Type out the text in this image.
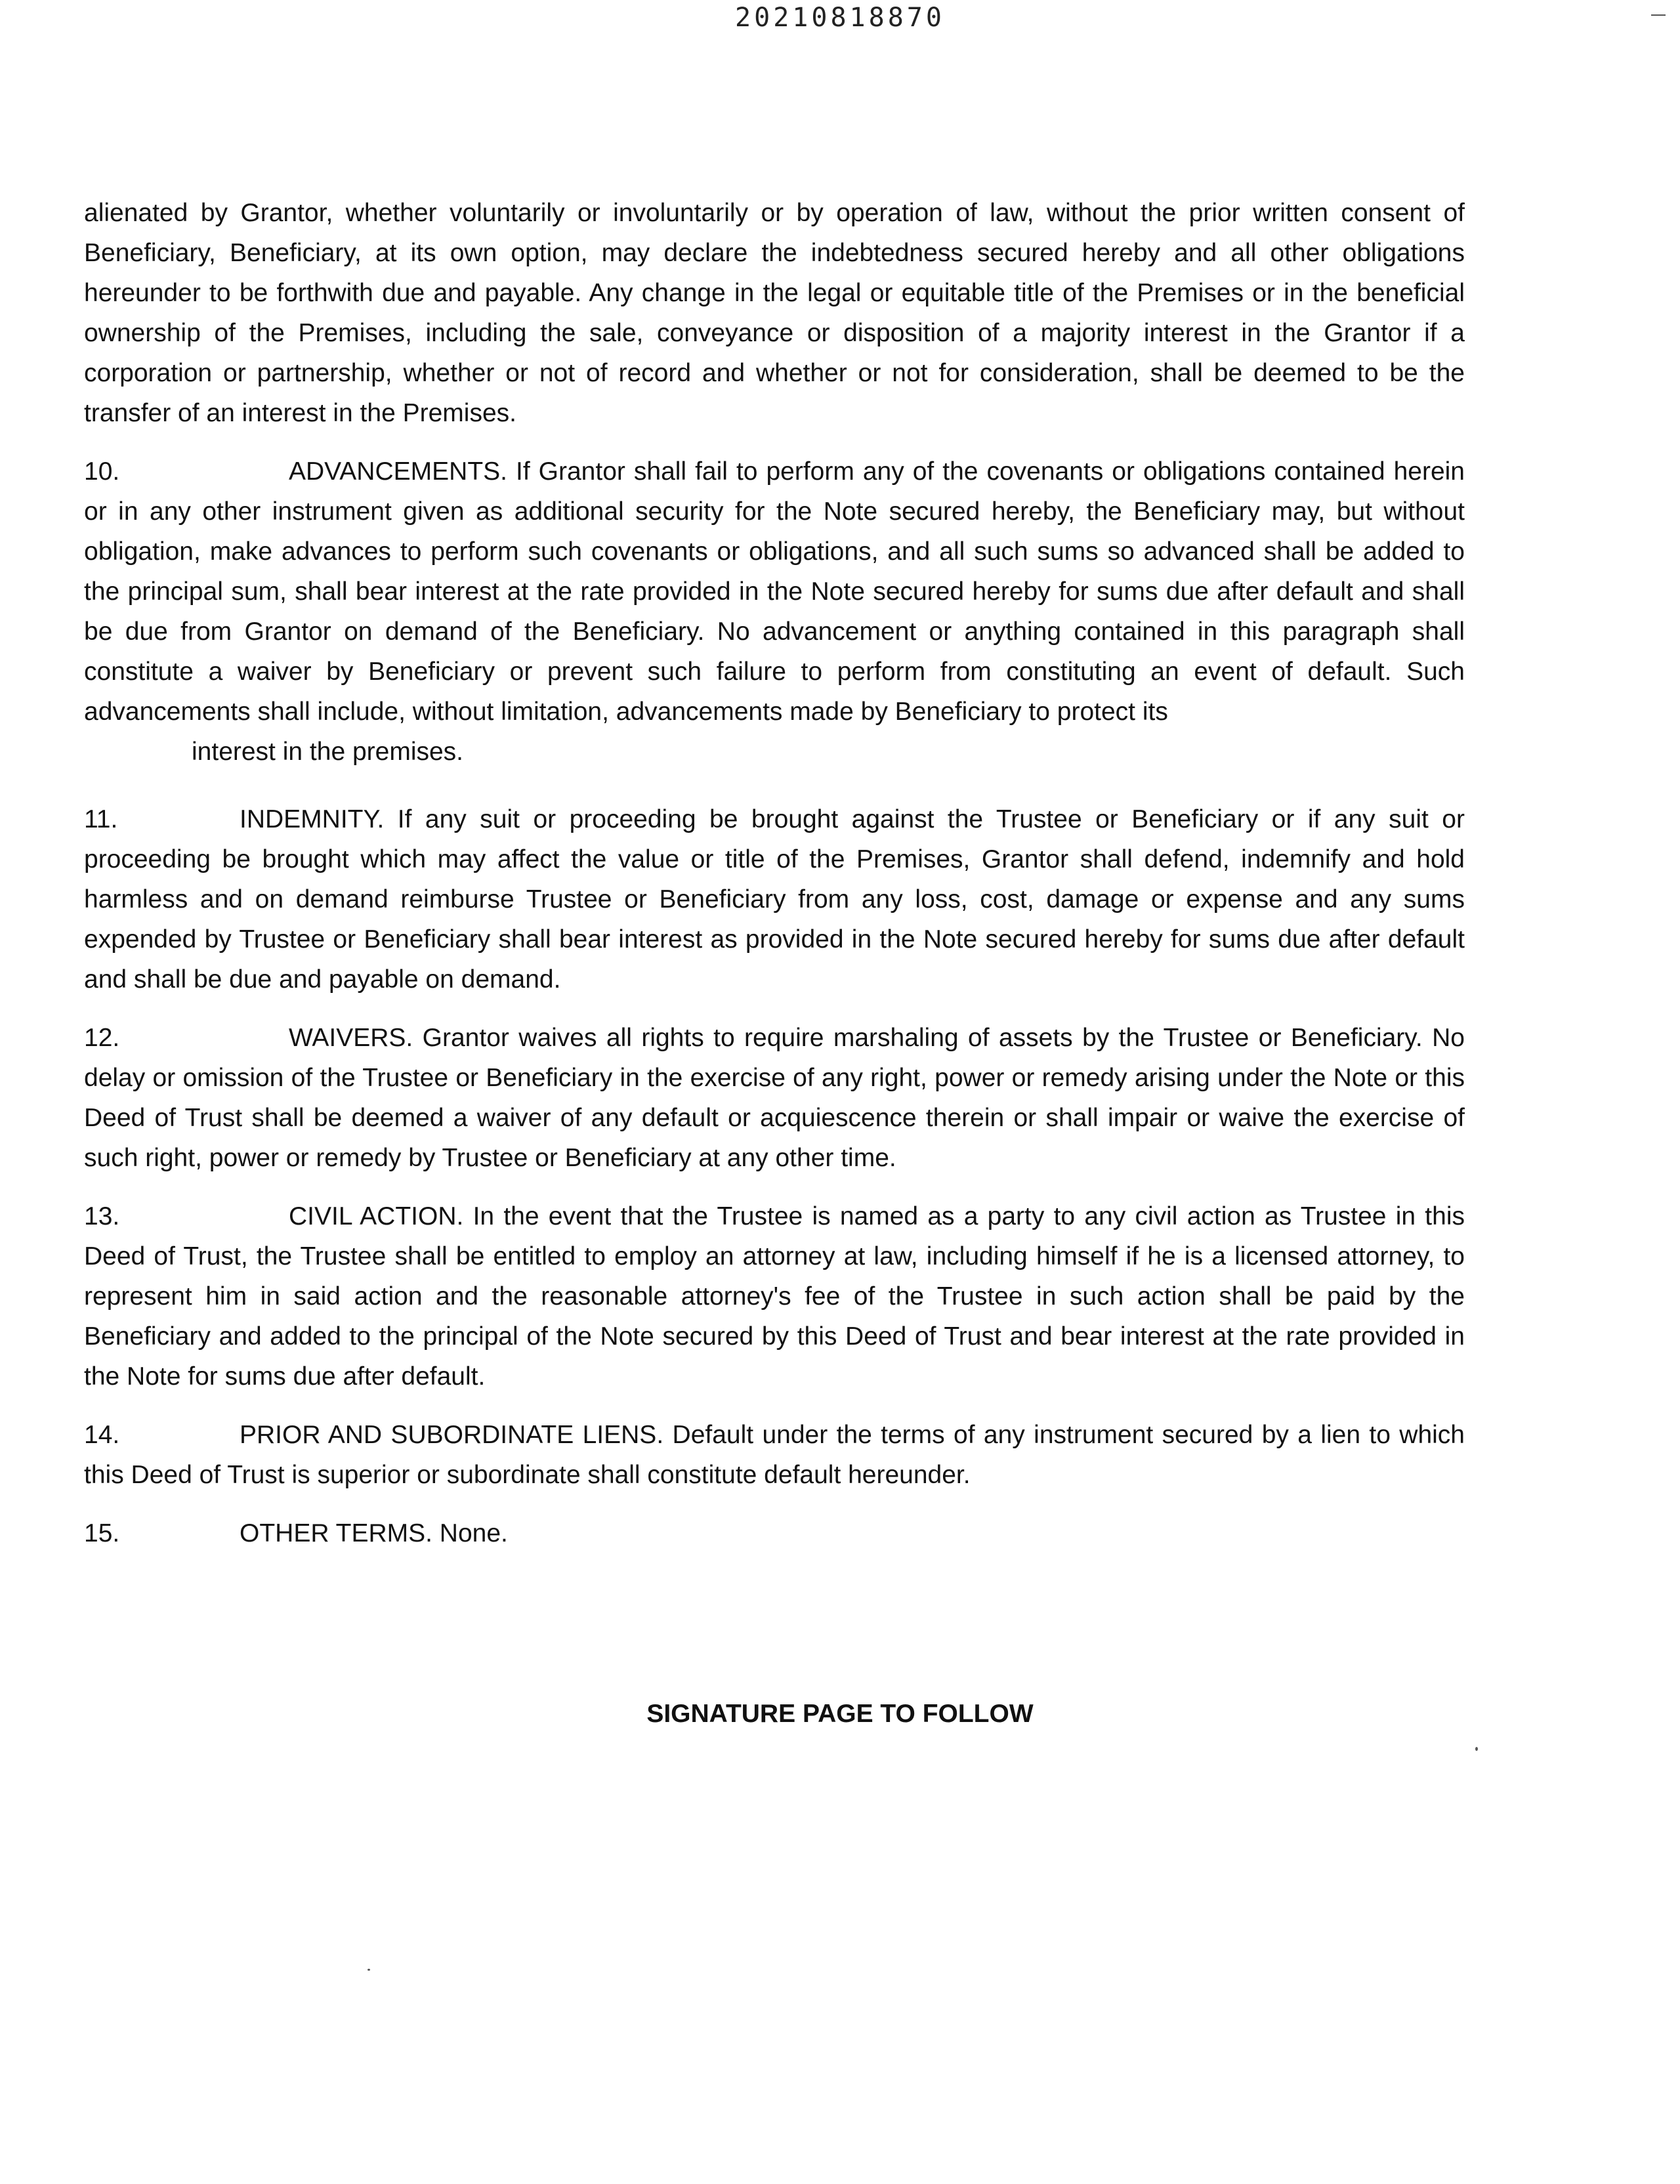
20210818870

alienated by Grantor, whether voluntarily or involuntarily or by operation of law, without the prior written consent of Beneficiary, Beneficiary, at its own option, may declare the indebtedness secured hereby and all other obligations hereunder to be forthwith due and payable. Any change in the legal or equitable title of the Premises or in the beneficial ownership of the Premises, including the sale, conveyance or disposition of a majority interest in the Grantor if a corporation or partnership, whether or not of record and whether or not for consideration, shall be deemed to be the transfer of an interest in the Premises.

10.	ADVANCEMENTS. If Grantor shall fail to perform any of the covenants or obligations contained herein or in any other instrument given as additional security for the Note secured hereby, the Beneficiary may, but without obligation, make advances to perform such covenants or obligations, and all such sums so advanced shall be added to the principal sum, shall bear interest at the rate provided in the Note secured hereby for sums due after default and shall be due from Grantor on demand of the Beneficiary. No advancement or anything contained in this paragraph shall constitute a waiver by Beneficiary or prevent such failure to perform from constituting an event of default. Such advancements shall include, without limitation, advancements made by Beneficiary to protect its

interest in the premises.

11.	INDEMNITY. If any suit or proceeding be brought against the Trustee or Beneficiary or if any suit or proceeding be brought which may affect the value or title of the Premises, Grantor shall defend, indemnify and hold harmless and on demand reimburse Trustee or Beneficiary from any loss, cost, damage or expense and any sums expended by Trustee or Beneficiary shall bear interest as provided in the Note secured hereby for sums due after default and shall be due and payable on demand.

12.	WAIVERS. Grantor waives all rights to require marshaling of assets by the Trustee or Beneficiary. No delay or omission of the Trustee or Beneficiary in the exercise of any right, power or remedy arising under the Note or this Deed of Trust shall be deemed a waiver of any default or acquiescence therein or shall impair or waive the exercise of such right, power or remedy by Trustee or Beneficiary at any other time.

13.	CIVIL ACTION. In the event that the Trustee is named as a party to any civil action as Trustee in this Deed of Trust, the Trustee shall be entitled to employ an attorney at law, including himself if he is a licensed attorney, to represent him in said action and the reasonable attorney's fee of the Trustee in such action shall be paid by the Beneficiary and added to the principal of the Note secured by this Deed of Trust and bear interest at the rate provided in the Note for sums due after default.

14.	PRIOR AND SUBORDINATE LIENS. Default under the terms of any instrument secured by a lien to which this Deed of Trust is superior or subordinate shall constitute default hereunder.

15.	OTHER TERMS. None.

SIGNATURE PAGE TO FOLLOW
